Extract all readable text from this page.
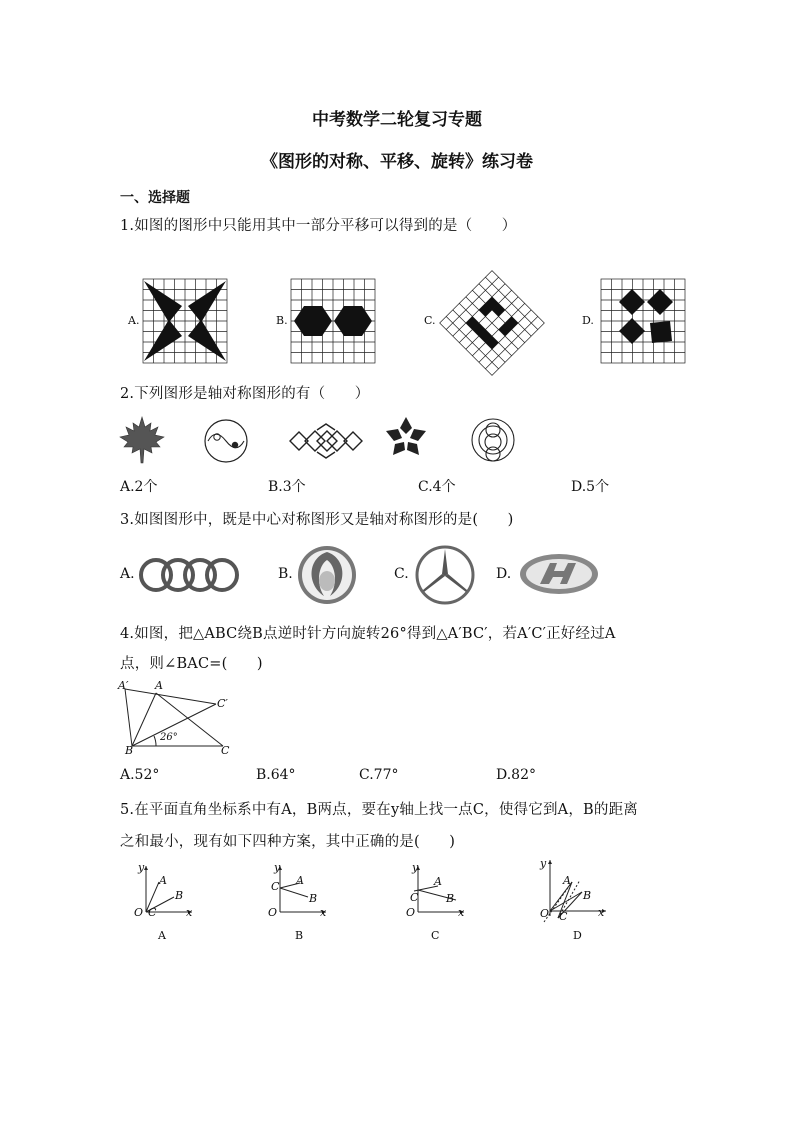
中考数学二轮复习专题
《图形的对称、平移、旋转》练习卷
一、选择题
1.如图的图形中只能用其中一部分平移可以得到的是（　　）
A.	B.	C.	D.
2.下列图形是轴对称图形的有（　　）
A.2个	B.3个	C.4个	D.5个
3.如图图形中，既是中心对称图形又是轴对称图形的是(　　)
A.	B.	C.	D.
4.如图，把△ABC绕B点逆时针方向旋转26°得到△A′BC′，若A′C′正好经过A
点，则∠BAC=(　　)
A′ A
C′
B	C
26°
A.52°	B.64°	C.77°	D.82°
5.在平面直角坐标系中有A，B两点，要在y轴上找一点C，使得它到A，B的距离
之和最小，现有如下四种方案，其中正确的是(　　)
y
x
O
A
B
C
A
y
x
O
A
B
C
B
y
x
O
A
B
C
C
y
x
O
A
B
C
D
